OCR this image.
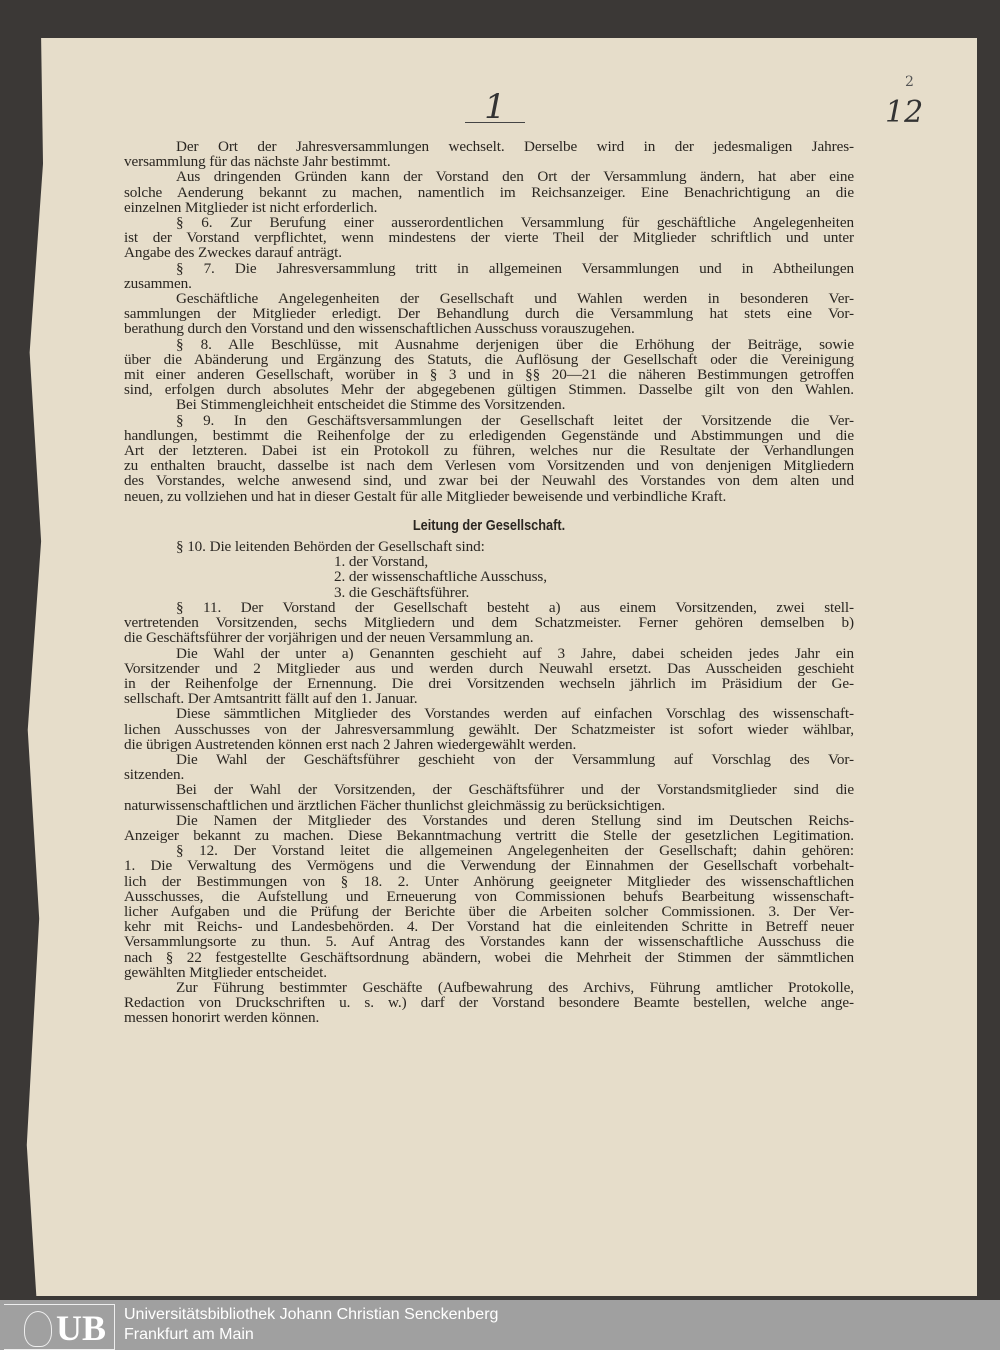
1
2
12
Der Ort der Jahresversammlungen wechselt. Derselbe wird in der jedesmaligen Jahres-
versammlung für das nächste Jahr bestimmt.
Aus dringenden Gründen kann der Vorstand den Ort der Versammlung ändern, hat aber eine
solche Aenderung bekannt zu machen, namentlich im Reichsanzeiger. Eine Benachrichtigung an die
einzelnen Mitglieder ist nicht erforderlich.
§ 6. Zur Berufung einer ausserordentlichen Versammlung für geschäftliche Angelegenheiten
ist der Vorstand verpflichtet, wenn mindestens der vierte Theil der Mitglieder schriftlich und unter
Angabe des Zweckes darauf anträgt.
§ 7. Die Jahresversammlung tritt in allgemeinen Versammlungen und in Abtheilungen
zusammen.
Geschäftliche Angelegenheiten der Gesellschaft und Wahlen werden in besonderen Ver-
sammlungen der Mitglieder erledigt. Der Behandlung durch die Versammlung hat stets eine Vor-
berathung durch den Vorstand und den wissenschaftlichen Ausschuss vorauszugehen.
§ 8. Alle Beschlüsse, mit Ausnahme derjenigen über die Erhöhung der Beiträge, sowie
über die Abänderung und Ergänzung des Statuts, die Auflösung der Gesellschaft oder die Vereinigung
mit einer anderen Gesellschaft, worüber in § 3 und in §§ 20—21 die näheren Bestimmungen getroffen
sind, erfolgen durch absolutes Mehr der abgegebenen gültigen Stimmen. Dasselbe gilt von den Wahlen.
Bei Stimmengleichheit entscheidet die Stimme des Vorsitzenden.
§ 9. In den Geschäftsversammlungen der Gesellschaft leitet der Vorsitzende die Ver-
handlungen, bestimmt die Reihenfolge der zu erledigenden Gegenstände und Abstimmungen und die
Art der letzteren. Dabei ist ein Protokoll zu führen, welches nur die Resultate der Verhandlungen
zu enthalten braucht, dasselbe ist nach dem Verlesen vom Vorsitzenden und von denjenigen Mitgliedern
des Vorstandes, welche anwesend sind, und zwar bei der Neuwahl des Vorstandes von dem alten und
neuen, zu vollziehen und hat in dieser Gestalt für alle Mitglieder beweisende und verbindliche Kraft.
Leitung der Gesellschaft.
§ 10. Die leitenden Behörden der Gesellschaft sind:
1. der Vorstand,
2. der wissenschaftliche Ausschuss,
3. die Geschäftsführer.
§ 11. Der Vorstand der Gesellschaft besteht a) aus einem Vorsitzenden, zwei stell-
vertretenden Vorsitzenden, sechs Mitgliedern und dem Schatzmeister. Ferner gehören demselben b)
die Geschäftsführer der vorjährigen und der neuen Versammlung an.
Die Wahl der unter a) Genannten geschieht auf 3 Jahre, dabei scheiden jedes Jahr ein
Vorsitzender und 2 Mitglieder aus und werden durch Neuwahl ersetzt. Das Ausscheiden geschieht
in der Reihenfolge der Ernennung. Die drei Vorsitzenden wechseln jährlich im Präsidium der Ge-
sellschaft. Der Amtsantritt fällt auf den 1. Januar.
Diese sämmtlichen Mitglieder des Vorstandes werden auf einfachen Vorschlag des wissenschaft-
lichen Ausschusses von der Jahresversammlung gewählt. Der Schatzmeister ist sofort wieder wählbar,
die übrigen Austretenden können erst nach 2 Jahren wiedergewählt werden.
Die Wahl der Geschäftsführer geschieht von der Versammlung auf Vorschlag des Vor-
sitzenden.
Bei der Wahl der Vorsitzenden, der Geschäftsführer und der Vorstandsmitglieder sind die
naturwissenschaftlichen und ärztlichen Fächer thunlichst gleichmässig zu berücksichtigen.
Die Namen der Mitglieder des Vorstandes und deren Stellung sind im Deutschen Reichs-
Anzeiger bekannt zu machen. Diese Bekanntmachung vertritt die Stelle der gesetzlichen Legitimation.
§ 12. Der Vorstand leitet die allgemeinen Angelegenheiten der Gesellschaft; dahin gehören:
1. Die Verwaltung des Vermögens und die Verwendung der Einnahmen der Gesellschaft vorbehalt-
lich der Bestimmungen von § 18. 2. Unter Anhörung geeigneter Mitglieder des wissenschaftlichen
Ausschusses, die Aufstellung und Erneuerung von Commissionen behufs Bearbeitung wissenschaft-
licher Aufgaben und die Prüfung der Berichte über die Arbeiten solcher Commissionen. 3. Der Ver-
kehr mit Reichs- und Landesbehörden. 4. Der Vorstand hat die einleitenden Schritte in Betreff neuer
Versammlungsorte zu thun. 5. Auf Antrag des Vorstandes kann der wissenschaftliche Ausschuss die
nach § 22 festgestellte Geschäftsordnung abändern, wobei die Mehrheit der Stimmen der sämmtlichen
gewählten Mitglieder entscheidet.
Zur Führung bestimmter Geschäfte (Aufbewahrung des Archivs, Führung amtlicher Protokolle,
Redaction von Druckschriften u. s. w.) darf der Vorstand besondere Beamte bestellen, welche ange-
messen honorirt werden können.
UB Universitätsbibliothek Johann Christian Senckenberg
Frankfurt am Main
